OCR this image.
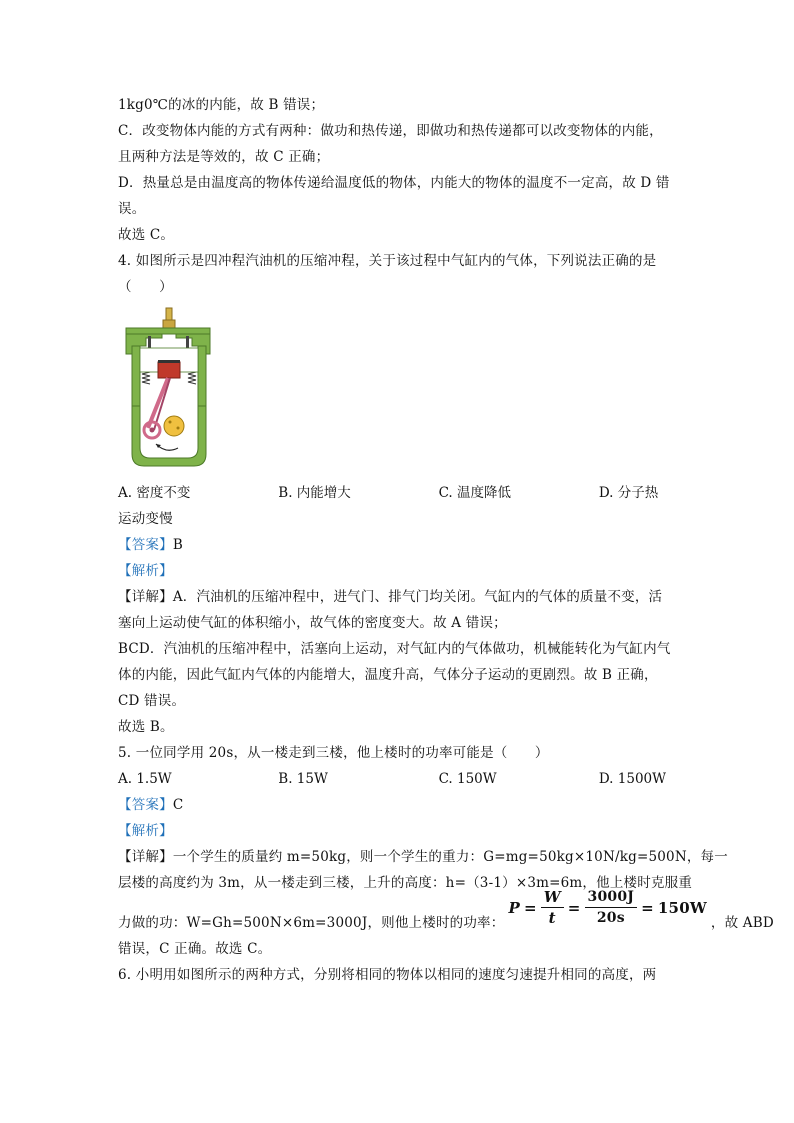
1kg0℃的冰的内能，故 B 错误；
C．改变物体内能的方式有两种：做功和热传递，即做功和热传递都可以改变物体的内能，
且两种方法是等效的，故 C 正确；
D．热量总是由温度高的物体传递给温度低的物体，内能大的物体的温度不一定高，故 D 错
误。
故选 C。
4. 如图所示是四冲程汽油机的压缩冲程，关于该过程中气缸内的气体，下列说法正确的是
（　　）
A. 密度不变	B. 内能增大	C. 温度降低	D. 分子热
运动变慢
【答案】B
【解析】
【详解】A．汽油机的压缩冲程中，进气门、排气门均关闭。气缸内的气体的质量不变，活
塞向上运动使气缸的体积缩小，故气体的密度变大。故 A 错误；
BCD．汽油机的压缩冲程中，活塞向上运动，对气缸内的气体做功，机械能转化为气缸内气
体的内能，因此气缸内气体的内能增大，温度升高，气体分子运动的更剧烈。故 B 正确，
CD 错误。
故选 B。
5. 一位同学用 20s，从一楼走到三楼，他上楼时的功率可能是（　　）
A. 1.5W	B. 15W	C. 150W	D. 1500W
【答案】C
【解析】
【详解】一个学生的质量约 m=50kg，则一个学生的重力：G=mg=50kg×10N/kg=500N，每一
层楼的高度约为 3m，从一楼走到三楼，上升的高度：h=（3-1）×3m=6m，他上楼时克服重
力做的功：W=Gh=500N×6m=3000J，则他上楼时的功率：
$P = \frac{W}{t} = \frac{3000J}{20s} = 150W$
，故 ABD
错误，C 正确。故选 C。
6. 小明用如图所示的两种方式，分别将相同的物体以相同的速度匀速提升相同的高度，两
